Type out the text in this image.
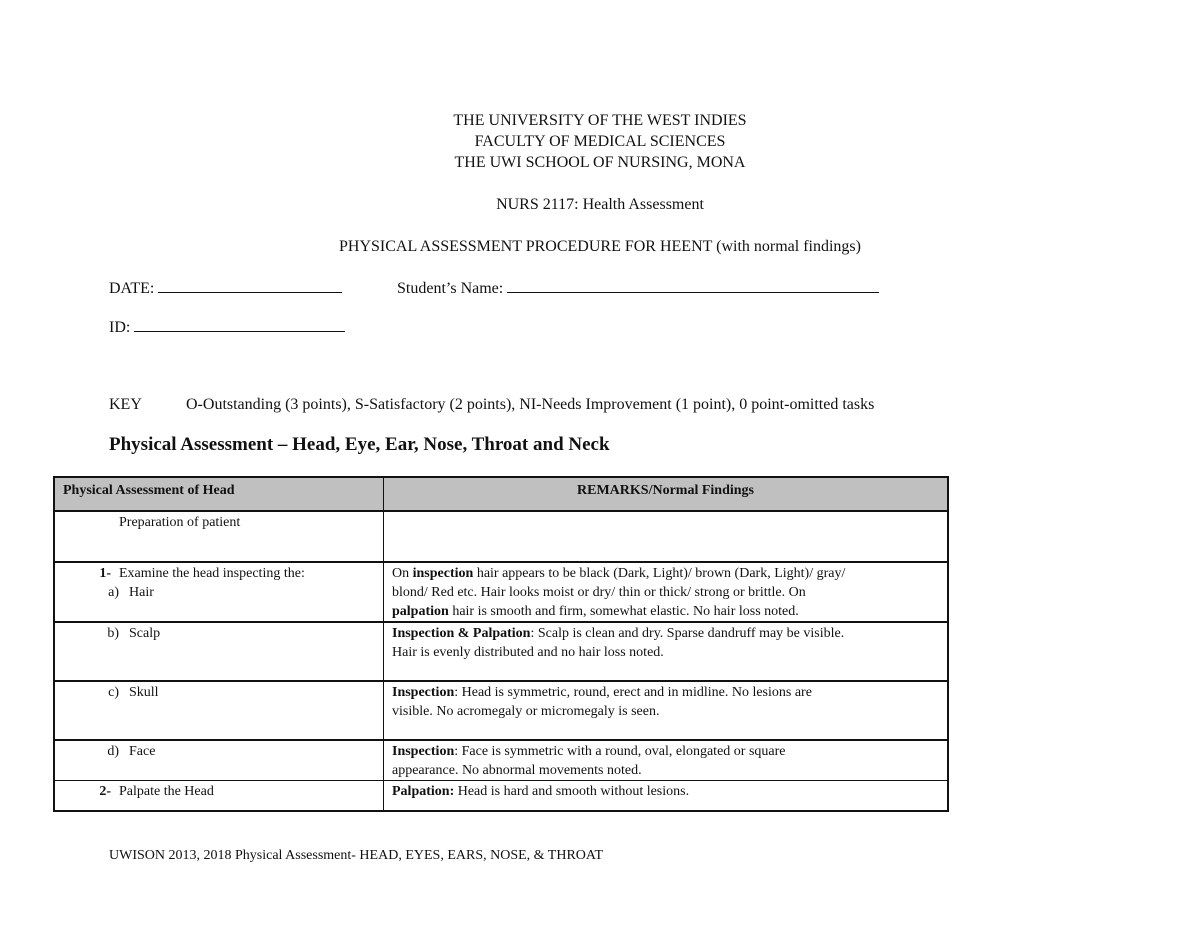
THE UNIVERSITY OF THE WEST INDIES
FACULTY OF MEDICAL SCIENCES
THE UWI SCHOOL OF NURSING, MONA
NURS 2117: Health Assessment
PHYSICAL ASSESSMENT PROCEDURE FOR HEENT (with normal findings)
DATE:	Student’s Name:
ID:
KEY	O-Outstanding (3 points), S-Satisfactory (2 points), NI-Needs Improvement (1 point), 0 point-omitted tasks
Physical Assessment – Head, Eye, Ear, Nose, Throat and Neck
Physical Assessment of Head	REMARKS/Normal Findings
Preparation of patient	
1- Examine the head inspecting the:
a) Hair	On inspection hair appears to be black (Dark, Light)/ brown (Dark, Light)/ gray/
blond/ Red etc. Hair looks moist or dry/ thin or thick/ strong or brittle. On
palpation hair is smooth and firm, somewhat elastic. No hair loss noted.
b) Scalp	Inspection & Palpation: Scalp is clean and dry. Sparse dandruff may be visible.
Hair is evenly distributed and no hair loss noted.
c) Skull	Inspection: Head is symmetric, round, erect and in midline. No lesions are
visible. No acromegaly or micromegaly is seen.
d) Face	Inspection: Face is symmetric with a round, oval, elongated or square
appearance. No abnormal movements noted.
2- Palpate the Head	Palpation: Head is hard and smooth without lesions.
UWISON 2013, 2018 Physical Assessment- HEAD, EYES, EARS, NOSE, & THROAT
